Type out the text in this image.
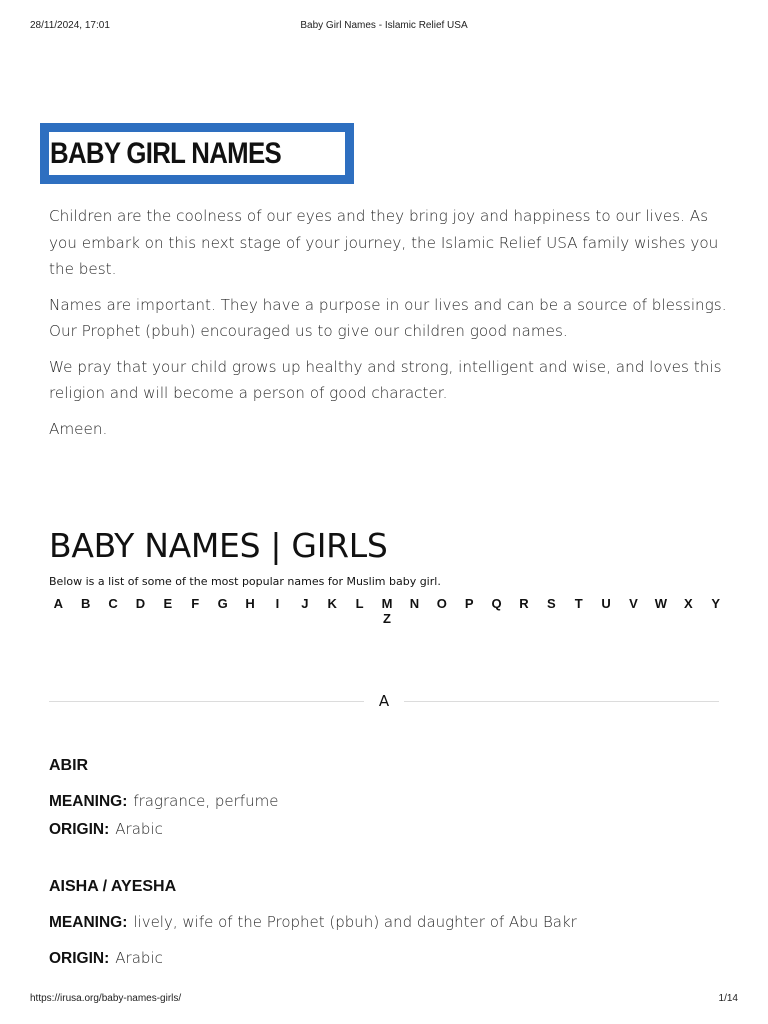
28/11/2024, 17:01	Baby Girl Names - Islamic Relief USA
BABY GIRL NAMES

Children are the coolness of our eyes and they bring joy and happiness to our lives. As you embark on this next stage of your journey, the Islamic Relief USA family wishes you the best.

Names are important. They have a purpose in our lives and can be a source of blessings. Our Prophet (pbuh) encouraged us to give our children good names.

We pray that your child grows up healthy and strong, intelligent and wise, and loves this religion and will become a person of good character.

Ameen.

BABY NAMES | GIRLS
Below is a list of some of the most popular names for Muslim baby girl.
A	B	C	D	E	F	G	H	I	J	K	L	M	N	O	P	Q	R	S	T	U	V	W	X	Y
Z
A
ABIR
MEANING: fragrance, perfume
ORIGIN: Arabic
AISHA / AYESHA
MEANING: lively, wife of the Prophet (pbuh) and daughter of Abu Bakr
ORIGIN: Arabic
https://irusa.org/baby-names-girls/	1/14
